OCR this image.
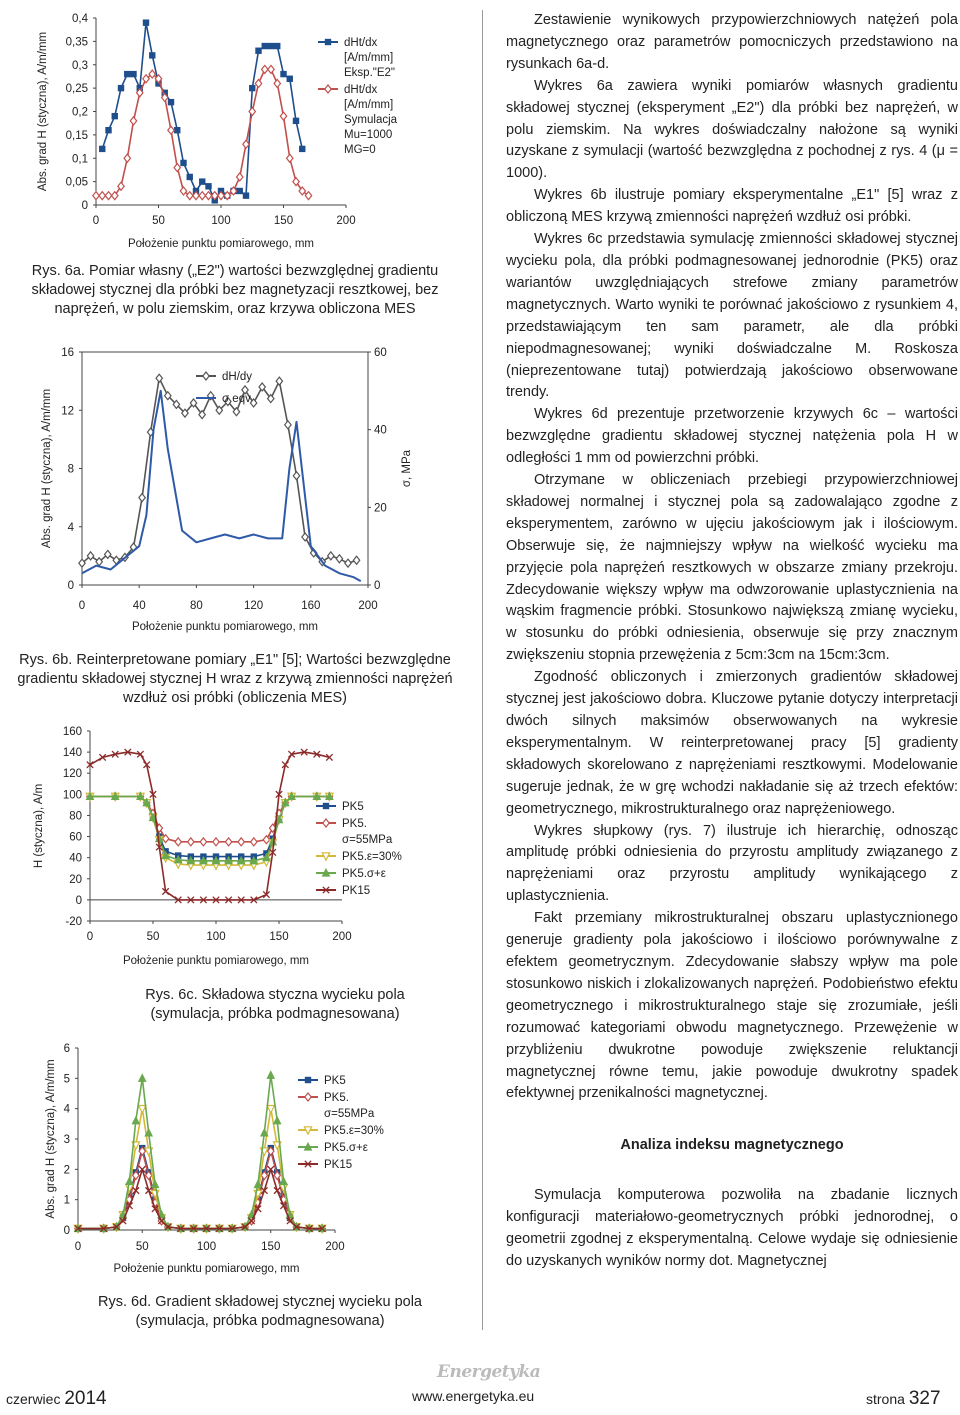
0
0,05
0,1
0,15
0,2
0,25
0,3
0,35
0,4
0	50	100	150	200
Położenie punktu pomiarowego, mm
Abs. grad H (styczna), A/m/mm	dHt/dx
[A/m/mm]
Eksp."E2"
dHt/dx
[A/m/mm]
Symulacja
Mu=1000
MG=0
Rys. 6a. Pomiar własny („E2") wartości bezwzględnej gradientu składowej stycznej dla próbki bez magnetyzacji resztkowej, bez naprężeń, w polu ziemskim, oraz krzywa obliczona MES
0
4
8
12
16
0
20
40
60
0	40	80	120	160	200
Położenie punktu pomiarowego, mm
Abs. grad H (styczna), A/m/mm	σ, MPa
dH/dy
σ eqv
Rys. 6b. Reinterpretowane pomiary „E1" [5]; Wartości bezwzględne gradientu składowej stycznej H wraz z krzywą zmienności naprężeń wzdłuż osi próbki (obliczenia MES)
-20
0
20
40
60
80
100
120
140
160
0	50	100	150	200
Położenie punktu pomiarowego, mm
H (styczna), A/m	PK5
PK5.
σ=55MPa
PK5.ε=30%
PK5.σ+ε
PK15
Rys. 6c. Składowa styczna wycieku pola (symulacja, próbka podmagnesowana)
0
1
2
3
4
5
6
0	50	100	150	200
Położenie punktu pomiarowego, mm
Abs. grad H (styczna), A/m/mm	PK5
PK5.
σ=55MPa
PK5.ε=30%
PK5.σ+ε
PK15
Rys. 6d. Gradient składowej stycznej wycieku pola (symulacja, próbka podmagnesowana)

Zestawienie wynikowych przypowierzchniowych natężeń pola magnetycznego oraz parametrów pomocniczych przedstawiono na rysunkach 6a-d.

Wykres 6a zawiera wyniki pomiarów własnych gradientu składowej stycznej (eksperyment „E2") dla próbki bez naprężeń, w polu ziemskim. Na wykres doświadczalny nałożone są wyniki uzyskane z symulacji (wartość bezwzględna z pochodnej z rys. 4 (μ = 1000).

Wykres 6b ilustruje pomiary eksperymentalne „E1" [5] wraz z obliczoną MES krzywą zmienności naprężeń wzdłuż osi próbki.

Wykres 6c przedstawia symulację zmienności składowej stycznej wycieku pola, dla próbki podmagnesowanej jednorodnie (PK5) oraz wariantów uwzględniających strefowe zmiany parametrów magnetycznych. Warto wyniki te porównać jakościowo z rysunkiem 4, przedstawiającym ten sam parametr, ale dla próbki niepodmagnesowanej; wyniki doświadczalne M. Roskosza (nieprezentowane tutaj) potwierdzają jakościowo obserwowane trendy.

Wykres 6d prezentuje przetworzenie krzywych 6c – wartości bezwzględne gradientu składowej stycznej natężenia pola H w odległości 1 mm od powierzchni próbki.

Otrzymane w obliczeniach przebiegi przypowierzchniowej składowej normalnej i stycznej pola są zadowalająco zgodne z eksperymentem, zarówno w ujęciu jakościowym jak i ilościowym. Obserwuje się, że najmniejszy wpływ na wielkość wycieku ma przyjęcie pola naprężeń resztkowych w obszarze zmiany przekroju. Zdecydowanie większy wpływ ma odwzorowanie uplastycznienia na wąskim fragmencie próbki. Stosunkowo największą zmianę wycieku, w stosunku do próbki odniesienia, obserwuje się przy znacznym zwiększeniu stopnia przewężenia z 5cm:3cm na 15cm:3cm.

Zgodność obliczonych i zmierzonych gradientów składowej stycznej jest jakościowo dobra. Kluczowe pytanie dotyczy interpretacji dwóch silnych maksimów obserwowanych na wykresie eksperymentalnym. W reinterpretowanej pracy [5] gradienty składowych skorelowano z naprężeniami resztkowymi. Modelowanie sugeruje jednak, że w grę wchodzi nakładanie się aż trzech efektów: geometrycznego, mikrostrukturalnego oraz naprężeniowego.

Wykres słupkowy (rys. 7) ilustruje ich hierarchię, odnosząc amplitudę próbki odniesienia do przyrostu amplitudy związanego z naprężeniami oraz przyrostu amplitudy wynikającego z uplastycznienia.

Fakt przemiany mikrostrukturalnej obszaru uplastycznionego generuje gradienty pola jakościowo i ilościowo porównywalne z efektem geometrycznym. Zdecydowanie słabszy wpływ ma pole stosunkowo niskich i zlokalizowanych naprężeń. Podobieństwo efektu geometrycznego i mikrostrukturalnego staje się zrozumiałe, jeśli rozumować kategoriami obwodu magnetycznego. Przewężenie w przybliżeniu dwukrotne powoduje zwiększenie reluktancji magnetycznej równe temu, jakie powoduje dwukrotny spadek efektywnej przenikalności magnetycznej.

Analiza indeksu magnetycznego

Symulacja komputerowa pozwoliła na zbadanie licznych konfiguracji materiałowo-geometrycznych próbki jednorodnej, o geometrii zgodnej z eksperymentalną. Celowe wydaje się odniesienie do uzyskanych wyników normy dot. Magnetycznej

Energetyka
czerwiec 2014	www.energetyka.eu	strona 327
